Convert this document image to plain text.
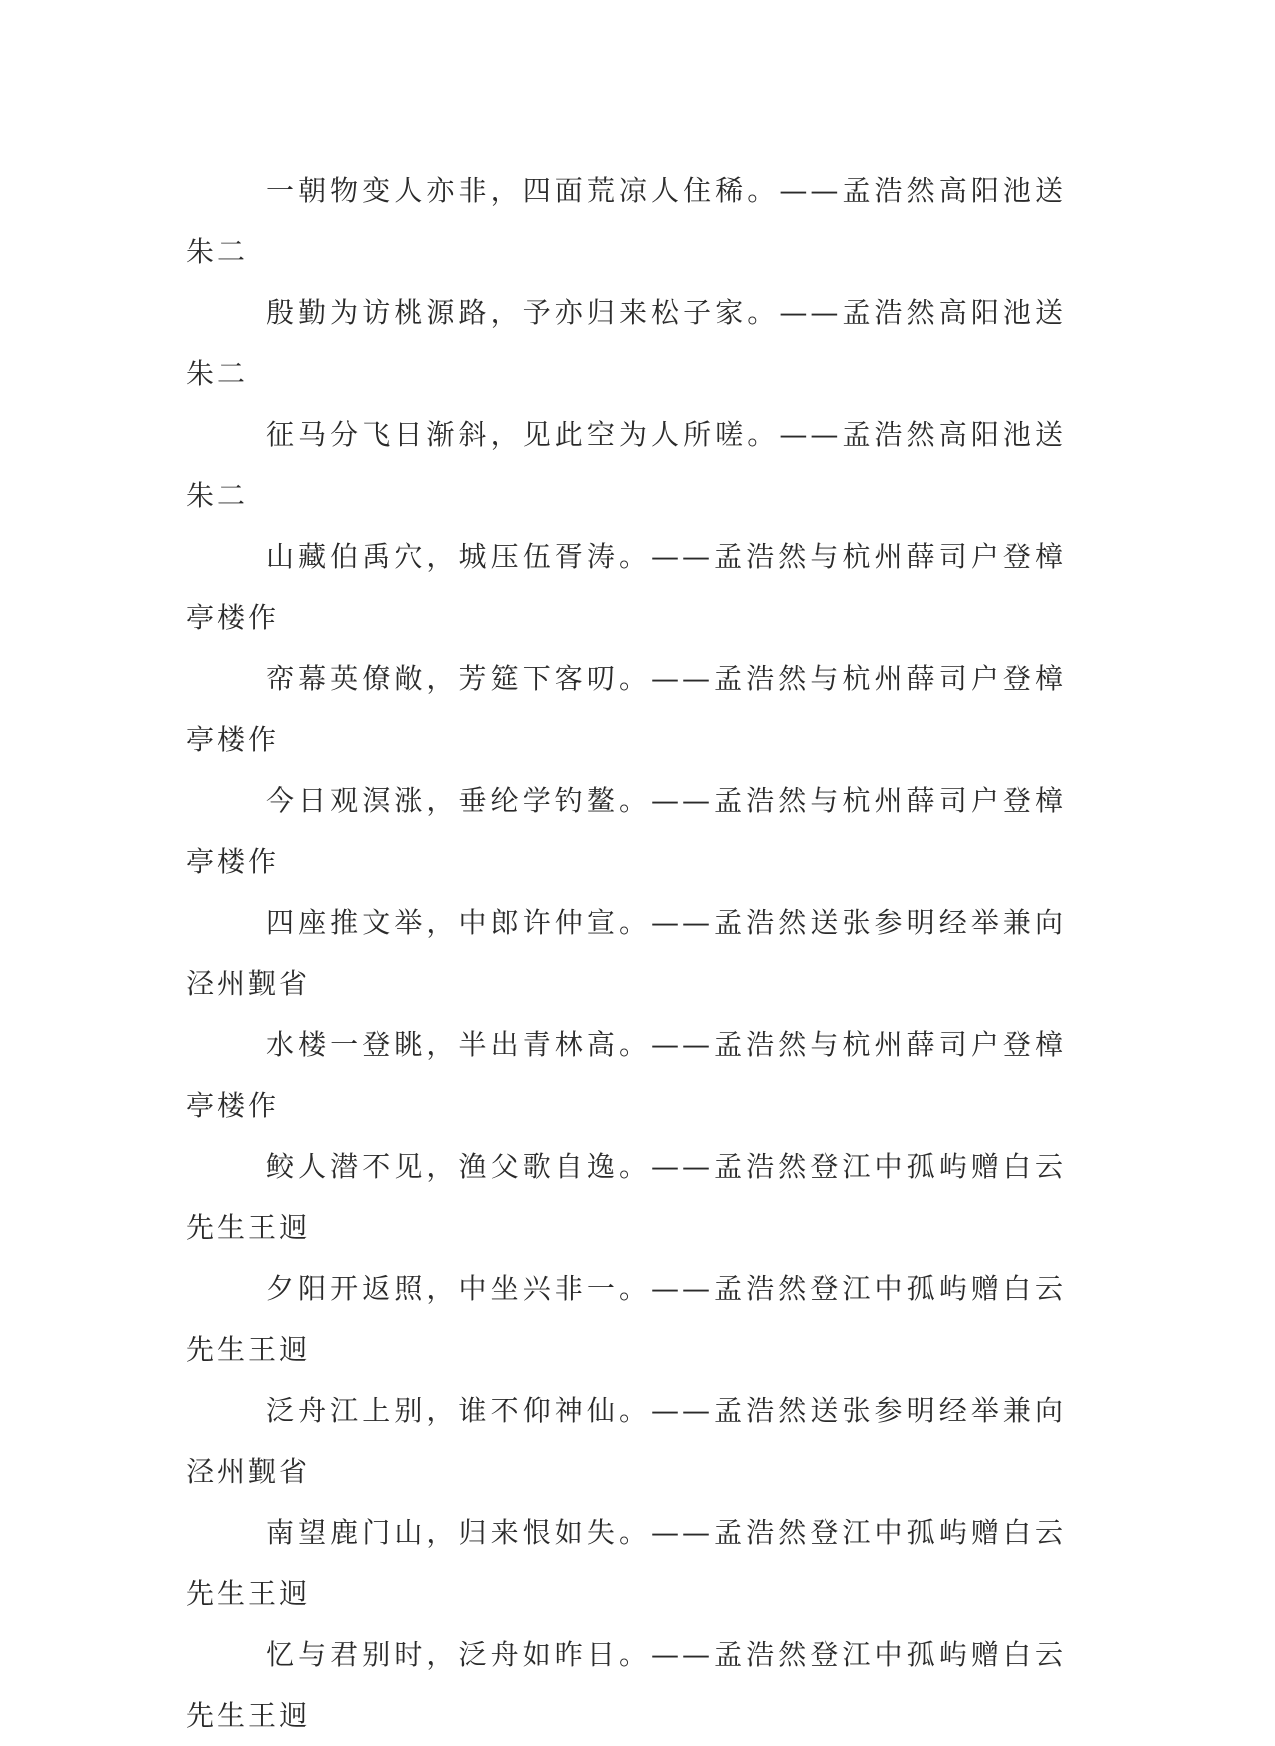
一朝物变人亦非，四面荒凉人住稀。——孟浩然高阳池送朱二

殷勤为访桃源路，予亦归来松子家。——孟浩然高阳池送朱二

征马分飞日渐斜，见此空为人所嗟。——孟浩然高阳池送朱二

山藏伯禹穴，城压伍胥涛。——孟浩然与杭州薛司户登樟亭楼作

帟幕英僚敞，芳筵下客叨。——孟浩然与杭州薛司户登樟亭楼作

今日观溟涨，垂纶学钓鳌。——孟浩然与杭州薛司户登樟亭楼作

四座推文举，中郎许仲宣。——孟浩然送张参明经举兼向泾州觐省

水楼一登眺，半出青林高。——孟浩然与杭州薛司户登樟亭楼作

鲛人潜不见，渔父歌自逸。——孟浩然登江中孤屿赠白云先生王迥

夕阳开返照，中坐兴非一。——孟浩然登江中孤屿赠白云先生王迥

泛舟江上别，谁不仰神仙。——孟浩然送张参明经举兼向泾州觐省

南望鹿门山，归来恨如失。——孟浩然登江中孤屿赠白云先生王迥

忆与君别时，泛舟如昨日。——孟浩然登江中孤屿赠白云先生王迥
